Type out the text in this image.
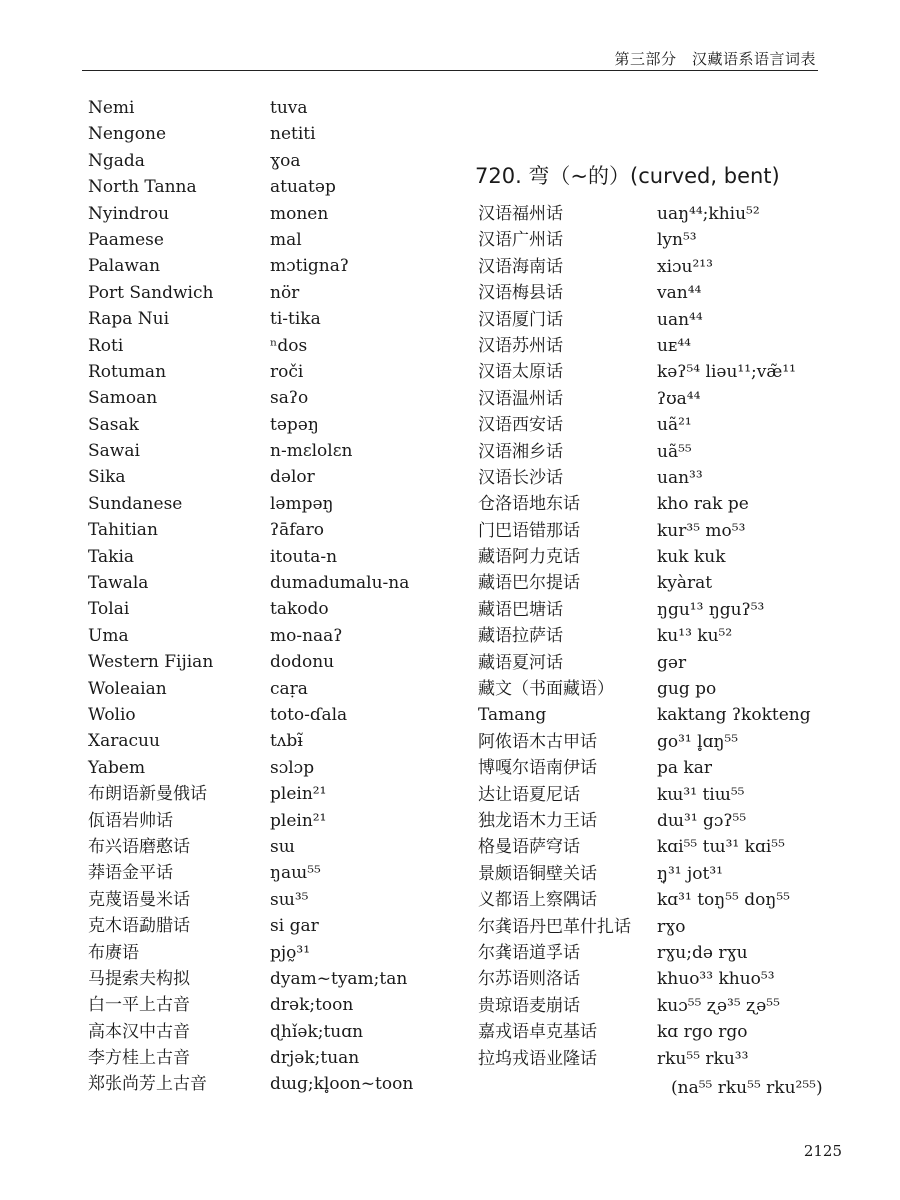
第三部分　汉藏语系语言词表
Nemi
Nengone
Ngada
North Tanna
Nyindrou
Paamese
Palawan
Port Sandwich
Rapa Nui
Roti
Rotuman
Samoan
Sasak
Sawai
Sika
Sundanese
Tahitian
Takia
Tawala
Tolai
Uma
Western Fijian
Woleaian
Wolio
Xaracuu
Yabem
布朗语新曼俄话
佤语岩帅话
布兴语磨憨话
莽语金平话
克蔑语曼米话
克木语勐腊话
布赓语
马提索夫构拟
白一平上古音
高本汉中古音
李方桂上古音
郑张尚芳上古音
tuva
netiti
ɣoa
atuatəp
monen
mal
mɔtignaʔ
nör
ti-tika
ⁿdos
roči
saʔo
təpəŋ
n-mɛlolɛn
dəlor
ləmpəŋ
ʔāfaro
itouta-n
dumadumalu-na
takodo
mo-naaʔ
dodonu
caṛa
toto-ɗala
tʌbɨ̃
sɔlɔp
plein²¹
plein²¹
sɯ
ŋaɯ⁵⁵
sɯ³⁵
si gar
pjo̰³¹
dyam~tyam;tan
drək;toon
ɖhǐək;tuɑn
drjək;tuan
dɯɡ;kl̥oon~toon
720. 弯（~的）(curved, bent)
汉语福州话
汉语广州话
汉语海南话
汉语梅县话
汉语厦门话
汉语苏州话
汉语太原话
汉语温州话
汉语西安话
汉语湘乡话
汉语长沙话
仓洛语地东话
门巴语错那话
藏语阿力克话
藏语巴尔提话
藏语巴塘话
藏语拉萨话
藏语夏河话
藏文（书面藏语）
Tamang
阿侬语木古甲话
博嘎尔语南伊话
达让语夏尼话
独龙语木力王话
格曼语萨穹话
景颇语铜壁关话
义都语上察隅话
尔龚语丹巴革什扎话
尔龚语道孚话
尔苏语则洛话
贵琼语麦崩话
嘉戎语卓克基话
拉坞戎语业隆话
uaŋ⁴⁴;khiu⁵²
lyn⁵³
xiɔu²¹³
van⁴⁴
uan⁴⁴
uᴇ⁴⁴
kəʔ⁵⁴ liəu¹¹;væ̃¹¹
ʔʊa⁴⁴
uã²¹
uã⁵⁵
uan³³
kho rak pe
kur³⁵ mo⁵³
kuk kuk
kyàrat
ŋgu¹³ ŋguʔ⁵³
ku¹³ ku⁵²
gər
gug po
kaktang ʔkokteng
go³¹ l̥ɑŋ⁵⁵
pa kar
kɯ³¹ tiɯ⁵⁵
dɯ³¹ gɔʔ⁵⁵
kɑi⁵⁵ tɯ³¹ kɑi⁵⁵
ŋ̩³¹ jot³¹
kɑ³¹ toŋ⁵⁵ doŋ⁵⁵
rɣo
rɣu;də rɣu
khuo³³ khuo⁵³
kuɔ⁵⁵ ʐə³⁵ ʐə⁵⁵
kɑ rgo rgo
rku⁵⁵ rku³³
(na⁵⁵ rku⁵⁵ rku²⁵⁵)
2125
